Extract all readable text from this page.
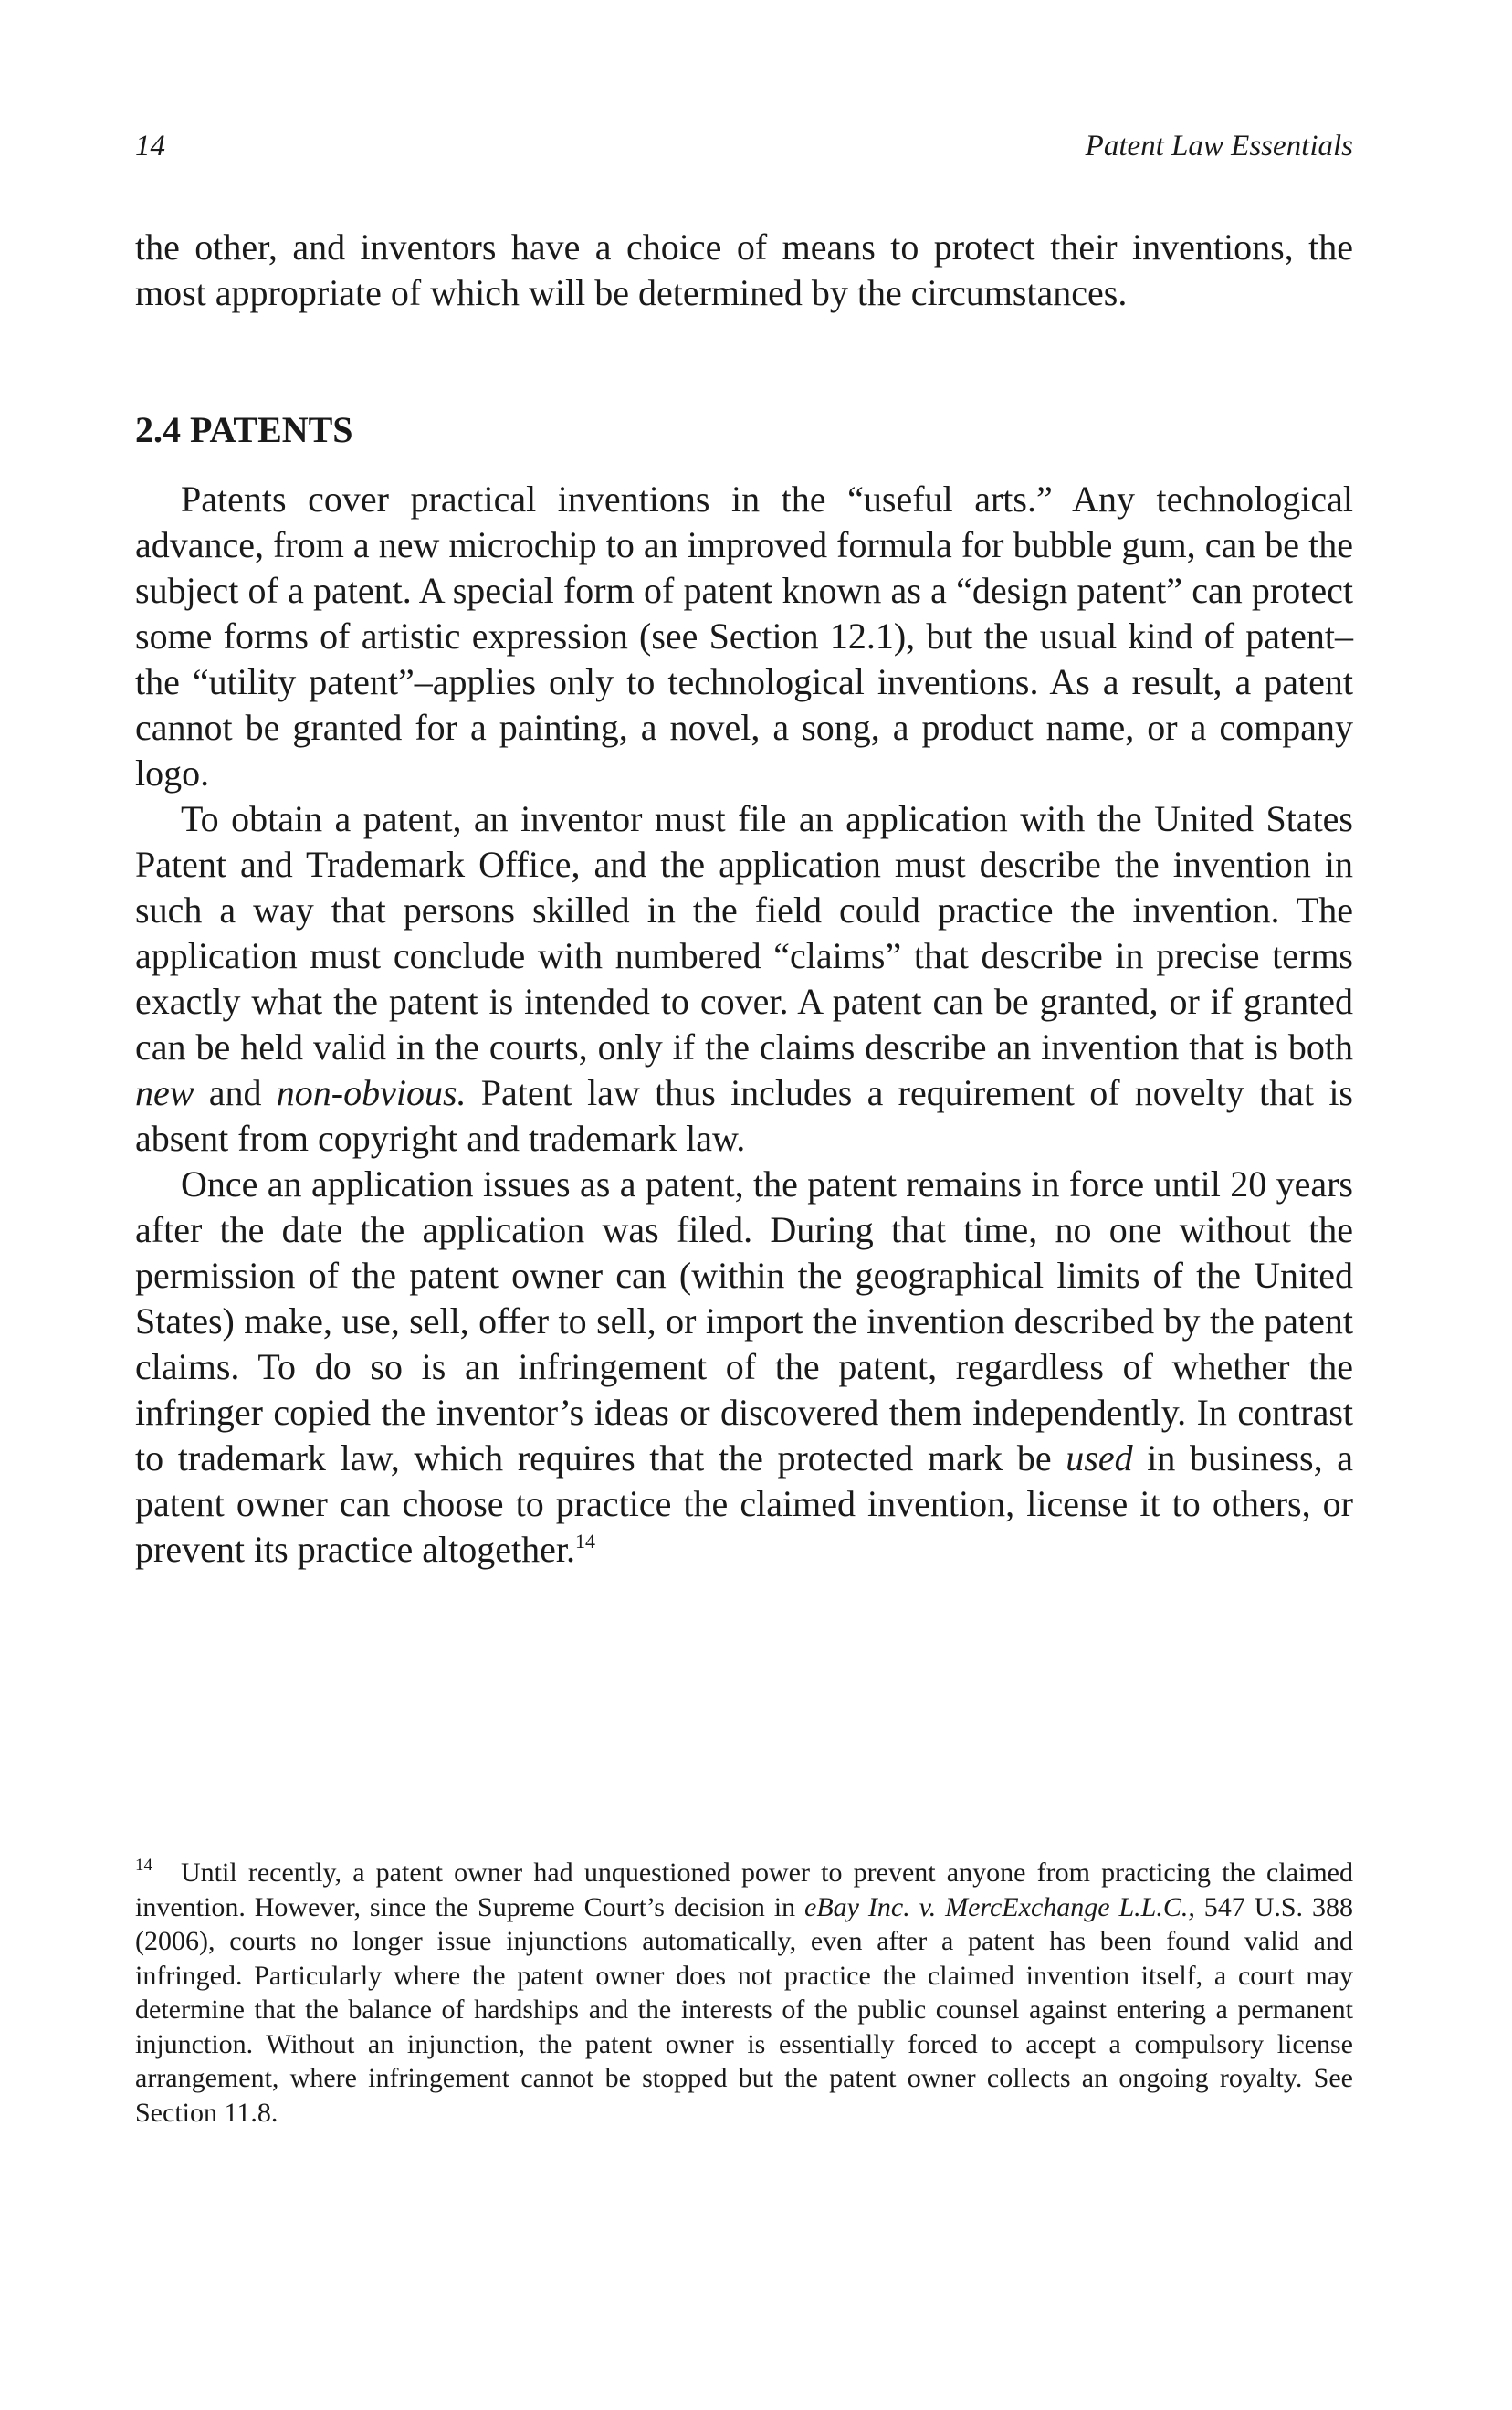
14	Patent Law Essentials

the other, and inventors have a choice of means to protect their inventions, the most appropriate of which will be determined by the circumstances.

2.4 PATENTS

Patents cover practical inventions in the “useful arts.” Any technological advance, from a new microchip to an improved formula for bubble gum, can be the subject of a patent. A special form of patent known as a “design patent” can protect some forms of artistic expression (see Section 12.1), but the usual kind of patent–the “utility patent”–applies only to technological inventions. As a result, a patent cannot be granted for a painting, a novel, a song, a product name, or a company logo.

To obtain a patent, an inventor must file an application with the United States Patent and Trademark Office, and the application must describe the invention in such a way that persons skilled in the field could practice the invention. The application must conclude with numbered “claims” that describe in precise terms exactly what the patent is intended to cover. A patent can be granted, or if granted can be held valid in the courts, only if the claims describe an invention that is both new and non-obvious. Patent law thus includes a requirement of novelty that is absent from copyright and trademark law.

Once an application issues as a patent, the patent remains in force until 20 years after the date the application was filed. During that time, no one without the permission of the patent owner can (within the geographical limits of the United States) make, use, sell, offer to sell, or import the invention described by the patent claims. To do so is an infringement of the patent, regardless of whether the infringer copied the inventor’s ideas or discovered them independently. In contrast to trademark law, which requires that the protected mark be used in business, a patent owner can choose to practice the claimed invention, license it to others, or prevent its practice altogether.$^{14}$

$^{14}$ Until recently, a patent owner had unquestioned power to prevent anyone from practicing the claimed invention. However, since the Supreme Court’s decision in eBay Inc. v. MercExchange L.L.C., 547 U.S. 388 (2006), courts no longer issue injunctions automatically, even after a patent has been found valid and infringed. Particularly where the patent owner does not practice the claimed invention itself, a court may determine that the balance of hardships and the interests of the public counsel against entering a permanent injunction. Without an injunction, the patent owner is essentially forced to accept a compulsory license arrangement, where infringement cannot be stopped but the patent owner collects an ongoing royalty. See Section 11.8.
